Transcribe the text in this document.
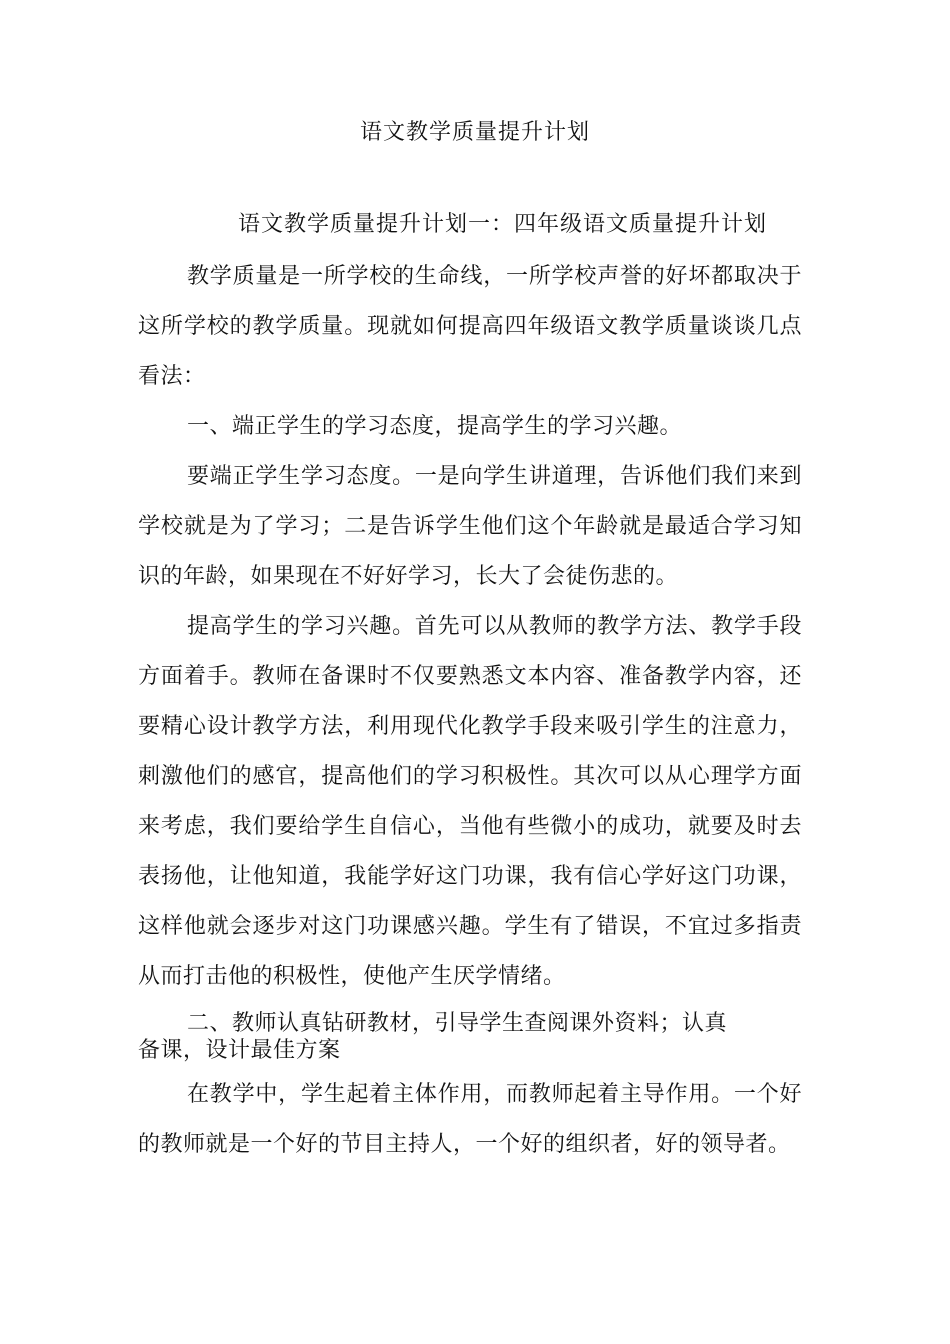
语文教学质量提升计划
语文教学质量提升计划一：四年级语文质量提升计划

教学质量是一所学校的生命线，一所学校声誉的好坏都取决于这所学校的教学质量。现就如何提高四年级语文教学质量谈谈几点看法：

一、端正学生的学习态度，提高学生的学习兴趣。

要端正学生学习态度。一是向学生讲道理，告诉他们我们来到学校就是为了学习；二是告诉学生他们这个年龄就是最适合学习知识的年龄，如果现在不好好学习，长大了会徒伤悲的。

提高学生的学习兴趣。首先可以从教师的教学方法、教学手段方面着手。教师在备课时不仅要熟悉文本内容、准备教学内容，还要精心设计教学方法，利用现代化教学手段来吸引学生的注意力，刺激他们的感官，提高他们的学习积极性。其次可以从心理学方面来考虑，我们要给学生自信心，当他有些微小的成功，就要及时去表扬他，让他知道，我能学好这门功课，我有信心学好这门功课，这样他就会逐步对这门功课感兴趣。学生有了错误，不宜过多指责从而打击他的积极性，使他产生厌学情绪。

二、教师认真钻研教材，引导学生查阅课外资料；认真备课，设计最佳方案

在教学中，学生起着主体作用，而教师起着主导作用。一个好的教师就是一个好的节目主持人，一个好的组织者，好的领导者。
